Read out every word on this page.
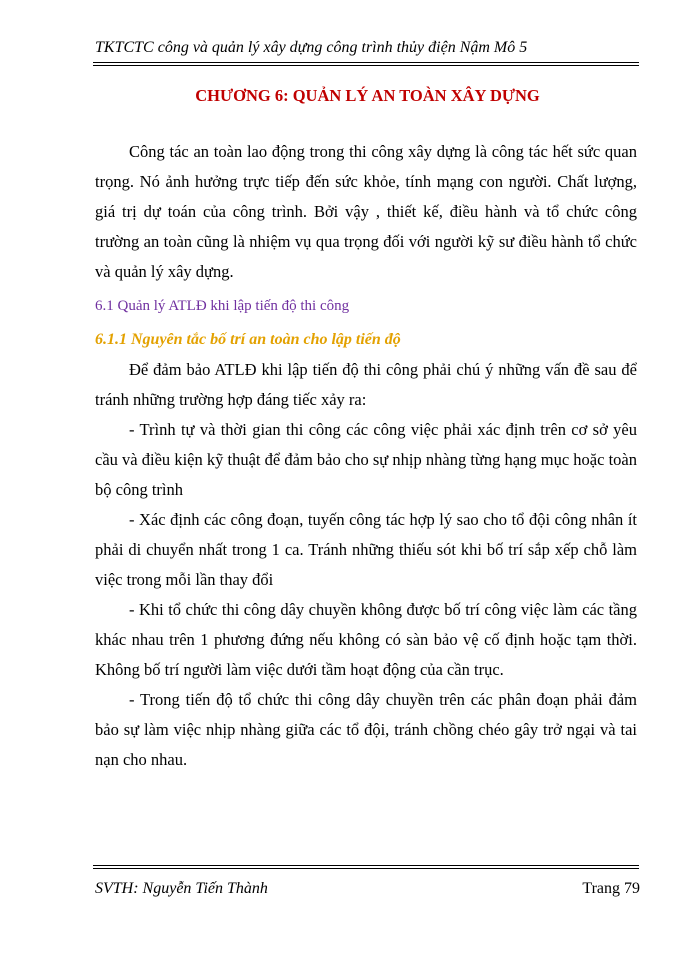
TKTCTC công và quản lý xây dựng công trình thủy điện Nậm Mô 5
CHƯƠNG 6: QUẢN LÝ AN TOÀN XÂY DỰNG

Công tác an toàn lao động trong thi công xây dựng là công tác hết sức quan trọng. Nó ảnh hưởng trực tiếp đến sức khỏe, tính mạng con người. Chất lượng, giá trị dự toán của công trình. Bởi vậy , thiết kế, điều hành và tổ chức công trường an toàn cũng là nhiệm vụ qua trọng đối với người kỹ sư điều hành tổ chức và quản lý xây dựng.

6.1 Quản lý ATLĐ khi lập tiến độ thi công

6.1.1 Nguyên tắc bố trí an toàn cho lập tiến độ

Để đảm bảo ATLĐ khi lập tiến độ thi công phải chú ý những vấn đề sau để tránh những trường hợp đáng tiếc xảy ra:

- Trình tự và thời gian thi công các công việc phải xác định trên cơ sở yêu cầu và điều kiện kỹ thuật để đảm bảo cho sự nhịp nhàng từng hạng mục hoặc toàn bộ công trình

- Xác định các công đoạn, tuyến công tác hợp lý sao cho tổ đội công nhân ít phải di chuyển nhất trong 1 ca. Tránh những thiếu sót khi bố trí sắp xếp chỗ làm việc trong mỗi lần thay đổi

- Khi tổ chức thi công dây chuyền không được bố trí công việc làm các tầng khác nhau trên 1 phương đứng nếu không có sàn bảo vệ cố định hoặc tạm thời. Không bố trí người làm việc dưới tầm hoạt động của cần trục.

- Trong tiến độ tổ chức thi công dây chuyền trên các phân đoạn phải đảm bảo sự làm việc nhịp nhàng giữa các tổ đội, tránh chồng chéo gây trở ngại và tai nạn cho nhau.

SVTH: Nguyễn Tiến Thành	Trang 79
